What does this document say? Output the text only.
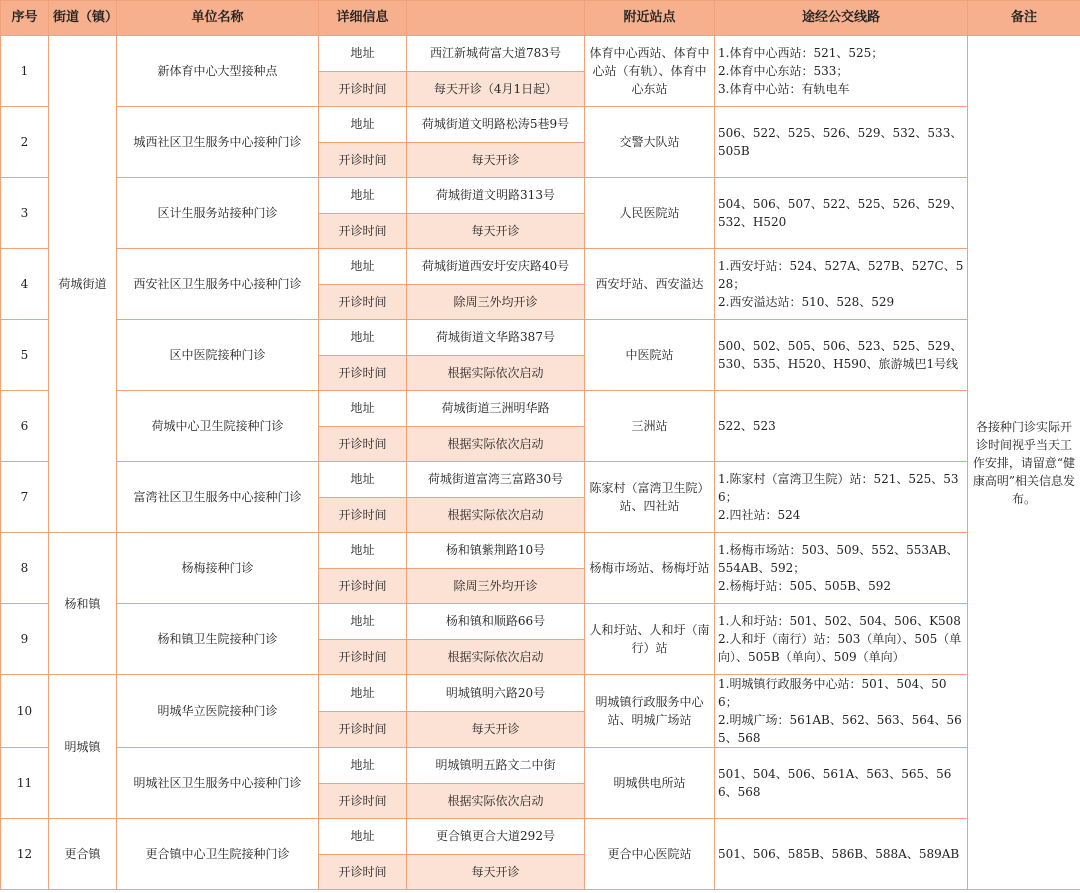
序号	街道（镇）	单位名称	详细信息		附近站点	途经公交线路	备注
1	荷城街道	新体育中心大型接种点	地址	西江新城荷富大道783号	体育中心西站、体育中心站（有轨）、体育中心东站	1.体育中心西站：521、525；
2.体育中心东站：533；
3.体育中心站：有轨电车	各接种门诊实际开诊时间视乎当天工作安排，请留意“健康高明”相关信息发布。
			开诊时间	每天开诊（4月1日起）			
2		城西社区卫生服务中心接种门诊	地址	荷城街道文明路松涛5巷9号	交警大队站	506、522、525、526、529、532、533、505B	

			开诊时间	每天开诊			
3		区计生服务站接种门诊	地址	荷城街道文明路313号	人民医院站	504、506、507、522、525、526、529、532、H520	

			开诊时间	每天开诊			
4		西安社区卫生服务中心接种门诊	地址	荷城街道西安圩安庆路40号	西安圩站、西安溢达	1.西安圩站：524、527A、527B、527C、528；
2.西安溢达站：510、528、529	

			开诊时间	除周三外均开诊			
5		区中医院接种门诊	地址	荷城街道文华路387号	中医院站	500、502、505、506、523、525、529、530、535、H520、H590、旅游城巴1号线	

			开诊时间	根据实际依次启动			
6		荷城中心卫生院接种门诊	地址	荷城街道三洲明华路	三洲站	522、523	

			开诊时间	根据实际依次启动			
7		富湾社区卫生服务中心接种门诊	地址	荷城街道富湾三富路30号	陈家村（富湾卫生院）站、四社站	1.陈家村（富湾卫生院）站：521、525、536；
2.四社站：524	

			开诊时间	根据实际依次启动			
8	杨和镇	杨梅接种门诊	地址	杨和镇紫荆路10号	杨梅市场站、杨梅圩站	1.杨梅市场站：503、509、552、553AB、554AB、592；
2.杨梅圩站：505、505B、592	

			开诊时间	除周三外均开诊			
9		杨和镇卫生院接种门诊	地址	杨和镇和顺路66号	人和圩站、人和圩（南行）站	1.人和圩站：501、502、504、506、K508
2.人和圩（南行）站：503（单向）、505（单向）、505B（单向）、509（单向）	

			开诊时间	根据实际依次启动			
10	明城镇	明城华立医院接种门诊	地址	明城镇明六路20号	明城镇行政服务中心站、明城广场站	1.明城镇行政服务中心站：501、504、506；
2.明城广场：561AB、562、563、564、565、568	

			开诊时间	每天开诊			
11		明城社区卫生服务中心接种门诊	地址	明城镇明五路文二中街	明城供电所站	501、504、506、561A、563、565、566、568	

			开诊时间	根据实际依次启动			
12	更合镇	更合镇中心卫生院接种门诊	地址	更合镇更合大道292号	更合中心医院站	501、506、585B、586B、588A、589AB	

			开诊时间	每天开诊			
